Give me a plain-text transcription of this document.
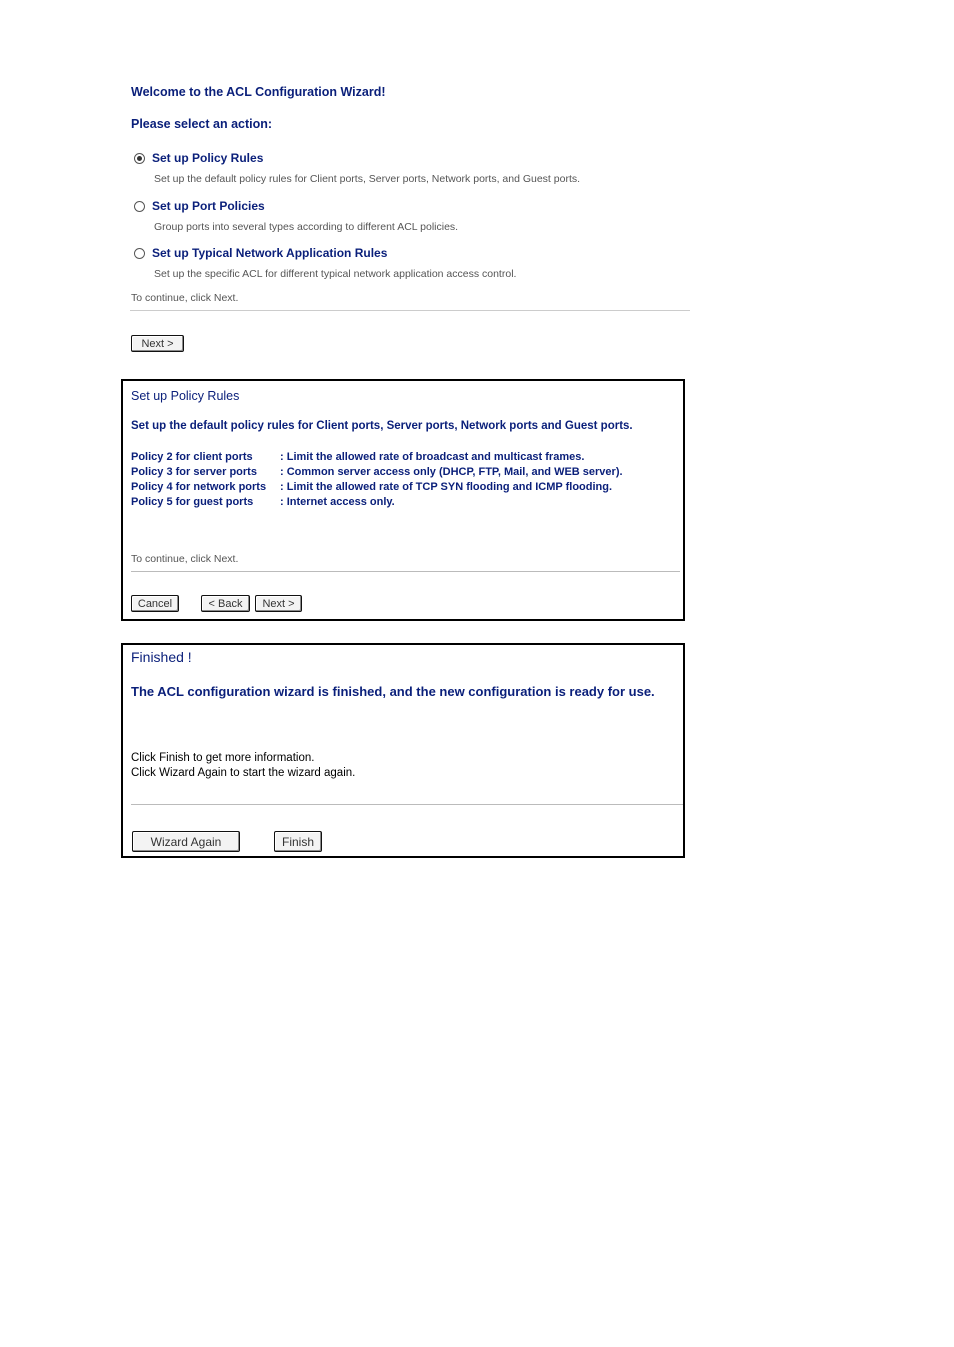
Welcome to the ACL Configuration Wizard!
Please select an action:
Set up Policy Rules
Set up the default policy rules for Client ports, Server ports, Network ports, and Guest ports.
Set up Port Policies
Group ports into several types according to different ACL policies.
Set up Typical Network Application Rules
Set up the specific ACL for different typical network application access control.
To continue, click Next.
Next >
Set up Policy Rules
Set up the default policy rules for Client ports, Server ports, Network ports and Guest ports.
Policy 2 for client ports : Limit the allowed rate of broadcast and multicast frames.
Policy 3 for server ports : Common server access only (DHCP, FTP, Mail, and WEB server).
Policy 4 for network ports : Limit the allowed rate of TCP SYN flooding and ICMP flooding.
Policy 5 for guest ports : Internet access only.
To continue, click Next.
Cancel	< Back	Next >
Finished !
The ACL configuration wizard is finished, and the new configuration is ready for use.
Click Finish to get more information.
Click Wizard Again to start the wizard again.
Wizard Again	Finish
